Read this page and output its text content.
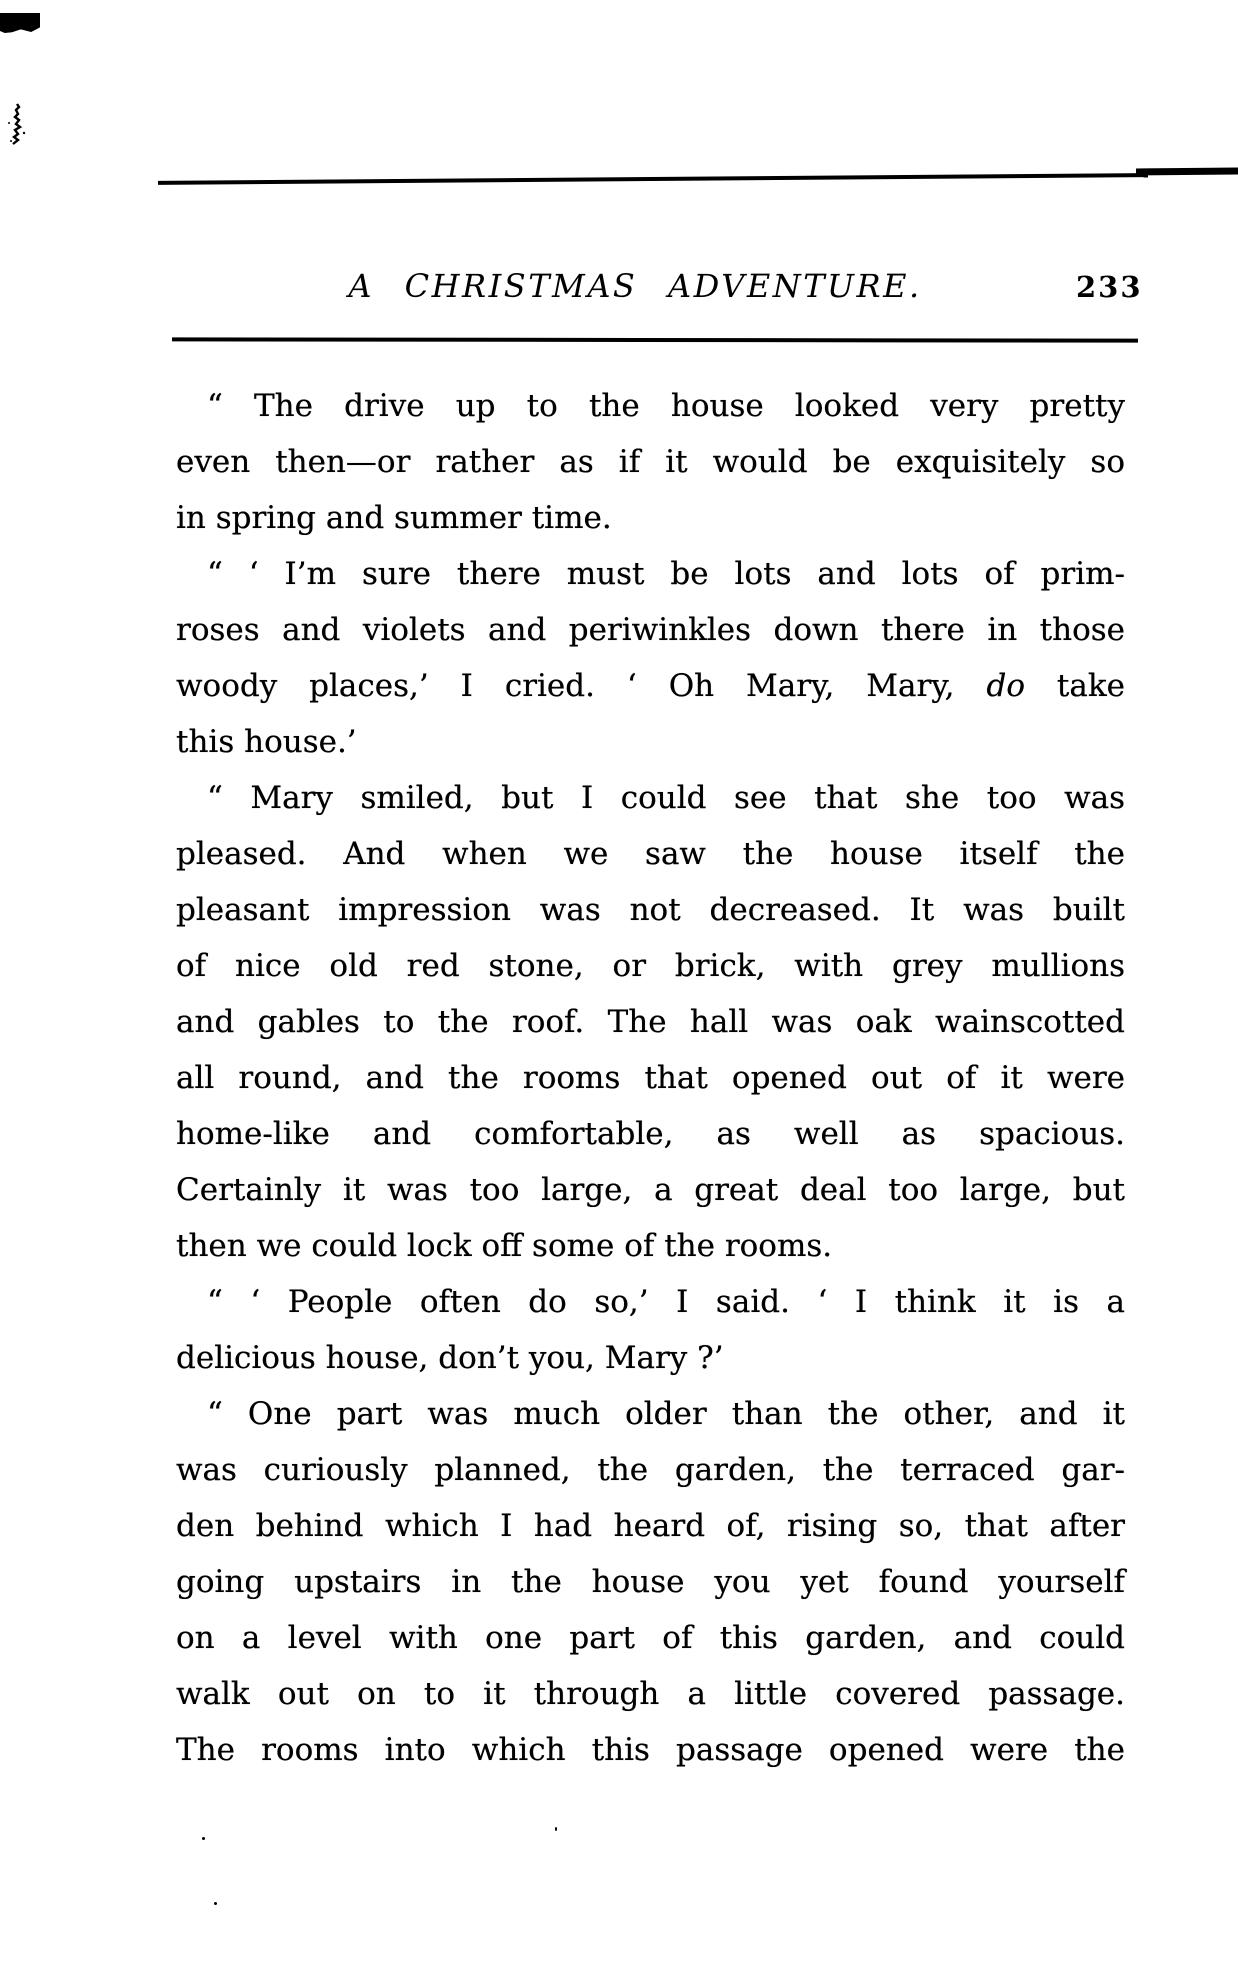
A CHRISTMAS ADVENTURE.	233
“ The drive up to the house looked very pretty
even then—or rather as if it would be exquisitely so
in spring and summer time.
“ ‘ I’m sure there must be lots and lots of prim-
roses and violets and periwinkles down there in those
woody places,’ I cried. ‘ Oh Mary, Mary, do take
this house.’
“ Mary smiled, but I could see that she too was
pleased. And when we saw the house itself the
pleasant impression was not decreased. It was built
of nice old red stone, or brick, with grey mullions
and gables to the roof. The hall was oak wainscotted
all round, and the rooms that opened out of it were
home-like and comfortable, as well as spacious.
Certainly it was too large, a great deal too large, but
then we could lock off some of the rooms.
“ ‘ People often do so,’ I said. ‘ I think it is a
delicious house, don’t you, Mary ?’
“ One part was much older than the other, and it
was curiously planned, the garden, the terraced gar-
den behind which I had heard of, rising so, that after
going upstairs in the house you yet found yourself
on a level with one part of this garden, and could
walk out on to it through a little covered passage.
The rooms into which this passage opened were the
